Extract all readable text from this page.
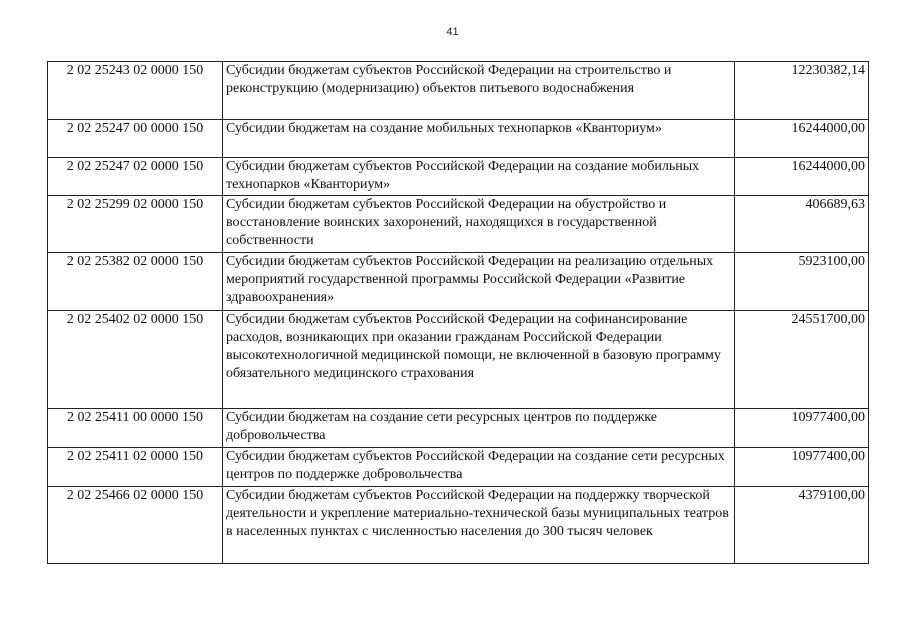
41
2 02 25243 02 0000 150	Субсидии бюджетам субъектов Российской Федерации на строительство и реконструкцию (модернизацию) объектов питьевого водоснабжения	12230382,14

2 02 25247 00 0000 150	Субсидии бюджетам на создание мобильных технопарков «Кванториум»	16244000,00

2 02 25247 02 0000 150	Субсидии бюджетам субъектов Российской Федерации на создание мобильных технопарков «Кванториум»	16244000,00

2 02 25299 02 0000 150	Субсидии бюджетам субъектов Российской Федерации на обустройство и восстановление воинских захоронений, находящихся в государственной собственности	406689,63

2 02 25382 02 0000 150	Субсидии бюджетам субъектов Российской Федерации на реализацию отдельных мероприятий государственной программы Российской Федерации «Развитие здравоохранения»	5923100,00

2 02 25402 02 0000 150	Субсидии бюджетам субъектов Российской Федерации на софинансирование расходов, возникающих при оказании гражданам Российской Федерации высокотехнологичной медицинской помощи, не включенной в базовую программу обязательного медицинского страхования	24551700,00

2 02 25411 00 0000 150	Субсидии бюджетам на создание сети ресурсных центров по поддержке добровольчества	10977400,00

2 02 25411 02 0000 150	Субсидии бюджетам субъектов Российской Федерации на создание сети ресурсных центров по поддержке добровольчества	10977400,00

2 02 25466 02 0000 150	Субсидии бюджетам субъектов Российской Федерации на поддержку творческой деятельности и укрепление материально-технической базы муниципальных театров в населенных пунктах с численностью населения до 300 тысяч человек	4379100,00
